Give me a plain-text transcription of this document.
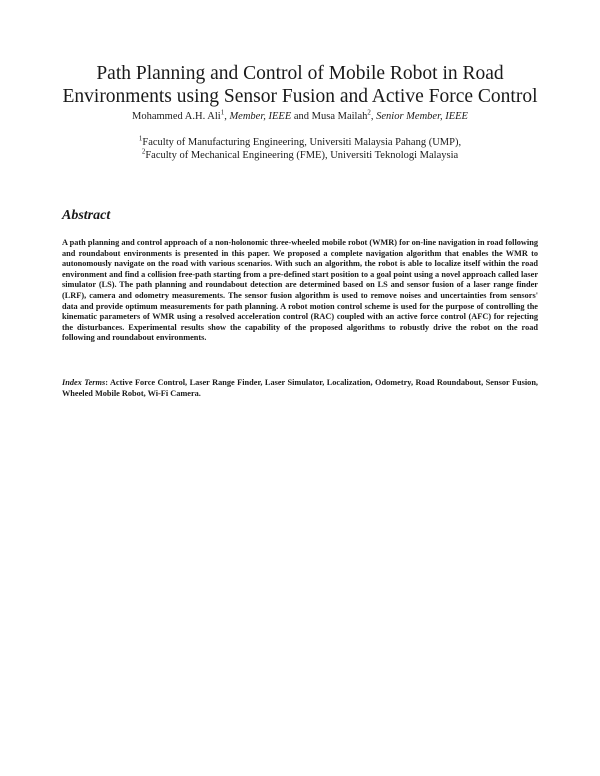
Path Planning and Control of Mobile Robot in Road
Environments using Sensor Fusion and Active Force Control
Mohammed A.H. Ali$^1$, Member, IEEE and Musa Mailah$^2$, Senior Member, IEEE
$^1$Faculty of Manufacturing Engineering, Universiti Malaysia Pahang (UMP),
$^2$Faculty of Mechanical Engineering (FME), Universiti Teknologi Malaysia
Abstract

A path planning and control approach of a non-holonomic three-wheeled mobile robot (WMR) for on-line navigation in road following and roundabout environments is presented in this paper. We proposed a complete navigation algorithm that enables the WMR to autonomously navigate on the road with various scenarios. With such an algorithm, the robot is able to localize itself within the road environment and find a collision free-path starting from a pre-defined start position to a goal point using a novel approach called laser simulator (LS). The path planning and roundabout detection are determined based on LS and sensor fusion of a laser range finder (LRF), camera and odometry measurements. The sensor fusion algorithm is used to remove noises and uncertainties from sensors' data and provide optimum measurements for path planning. A robot motion control scheme is used for the purpose of controlling the kinematic parameters of WMR using a resolved acceleration control (RAC) coupled with an active force control (AFC) for rejecting the disturbances. Experimental results show the capability of the proposed algorithms to robustly drive the robot on the road following and roundabout environments.

Index Terms: Active Force Control, Laser Range Finder, Laser Simulator, Localization, Odometry, Road Roundabout, Sensor Fusion, Wheeled Mobile Robot, Wi-Fi Camera.
